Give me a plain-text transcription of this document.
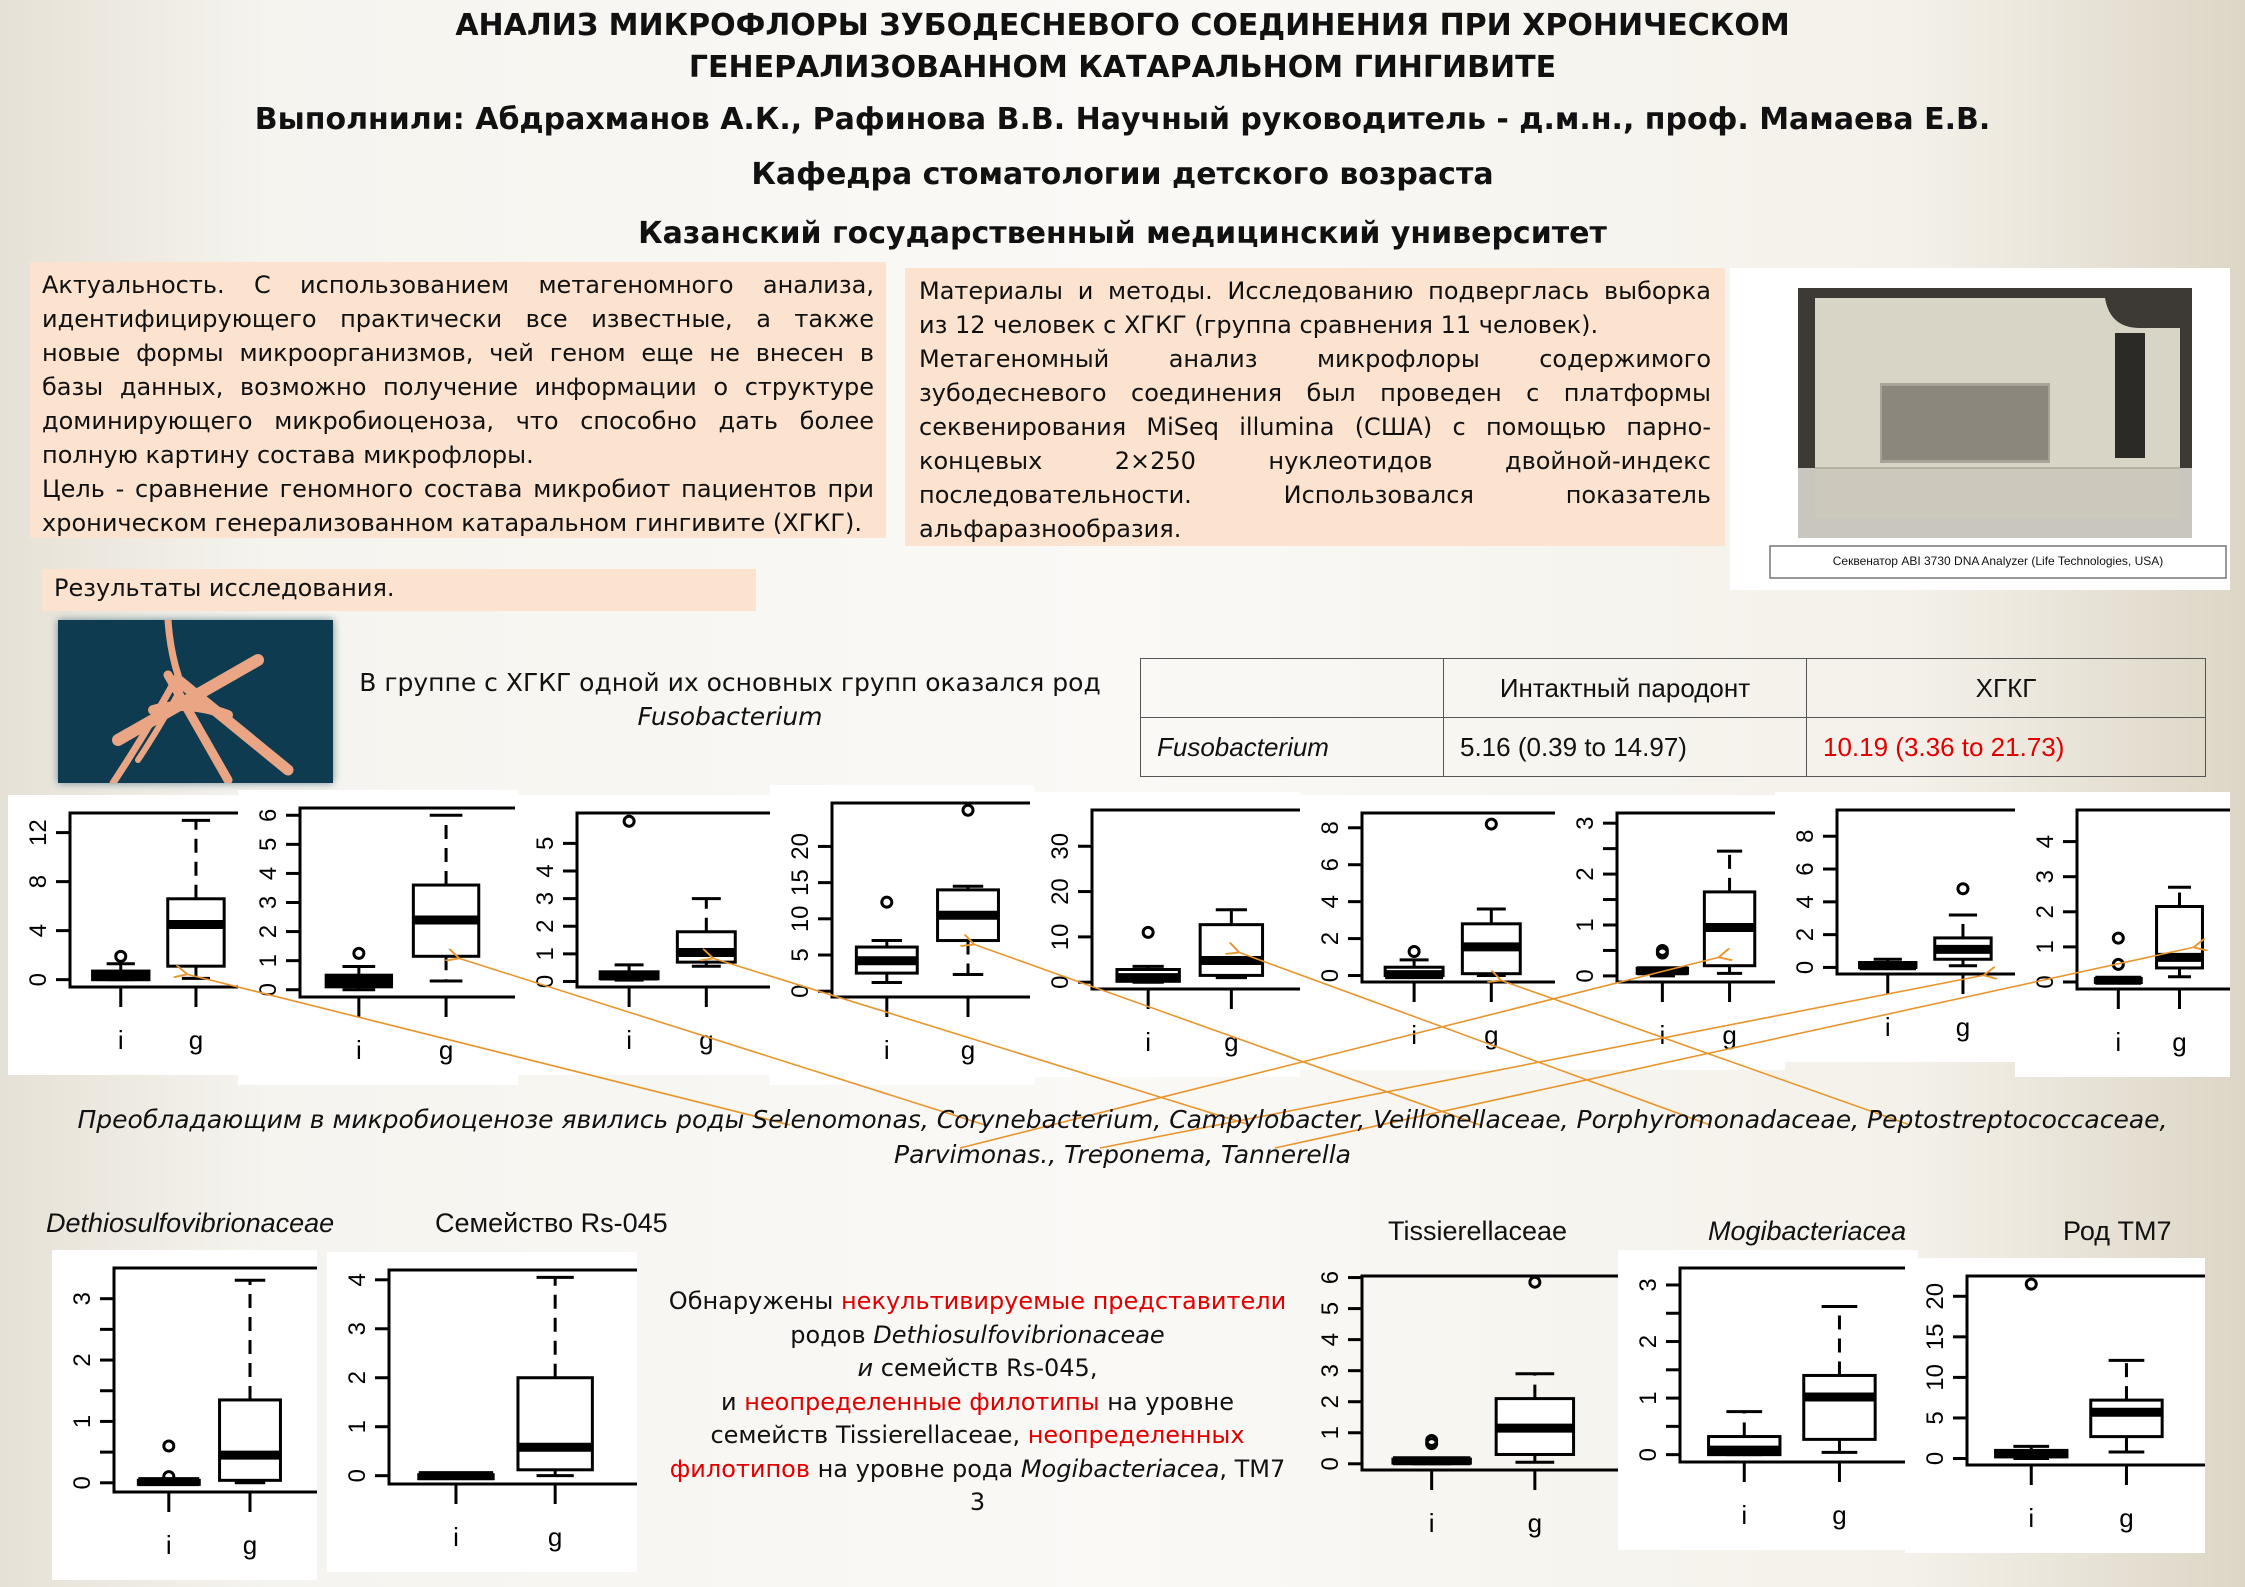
АНАЛИЗ МИКРОФЛОРЫ ЗУБОДЕСНЕВОГО СОЕДИНЕНИЯ ПРИ ХРОНИЧЕСКОМ
ГЕНЕРАЛИЗОВАННОМ КАТАРАЛЬНОМ ГИНГИВИТЕ
Выполнили: Абдрахманов А.К., Рафинова В.В. Научный руководитель - д.м.н., проф. Мамаева Е.В.
Кафедра стоматологии детского возраста
Казанский государственный медицинский университет
Актуальность. С использованием метагеномного анализа, идентифицирующего практически все известные, а также новые формы микроорганизмов, чей геном еще не внесен в базы данных, возможно получение информации о структуре доминирующего микробиоценоза, что способно дать более полную картину состава микрофлоры.
Цель - сравнение геномного состава микробиот пациентов при хроническом генерализованном катаральном гингивите (ХГКГ).
Материалы и методы. Исследованию подверглась выборка из 12 человек с ХГКГ (группа сравнения 11 человек).
Метагеномный анализ микрофлоры содержимого зубодесневого соединения был проведен с платформы секвенирования MiSeq illumina (США) с помощью парно-концевых 2×250 нуклеотидов двойной-индекс последовательности. Использовался показатель альфаразнообразия.
Секвенатор ABI 3730 DNA Analyzer (Life Technologies, USA)
Результаты исследования.
В группе с ХГКГ одной их основных групп оказался род
Fusobacterium
	Интактный пародонт	ХГКГ
Fusobacterium	5.16 (0.39 to 14.97)	10.19 (3.36 to 21.73)
0
4
8
12
i	g
0
1
2
3
4
5
6
i	g
0
1
2
3
4
5
i	g
0
5
10
15
20
i	g
0
10
20
30
i	g
0
2
4
6
8
i	g
0
1
2
3
i g
0
2
4
6
8
i	g
0
1
2
3
4
i g
Преобладающим в микробиоценозе явились роды Selenomonas, Corynebacterium, Campylobacter, Veillonellaceae, Porphyromonadaceae, Peptostreptococcaceae,
Parvimonas., Treponema, Tannerella
Dethiosulfovibrionaceae	Семейство Rs-045	Tissierellaceae	Mogibacteriacea	Род TM7
0
1
2
3
i	g
0
1
2
3
4
i	g
0
1
2
3
4
5
6
i	g
0
1
2
3
i	g
0
5
10
15
20
i	g
Обнаружены некультивируемые представители
родов Dethiosulfovibrionaceae
и семейств Rs-045,
и неопределенные филотипы на уровне
семейств Tissierellaceae, неопределенных
филотипов на уровне рода Mogibacteriacea, TM7
3
